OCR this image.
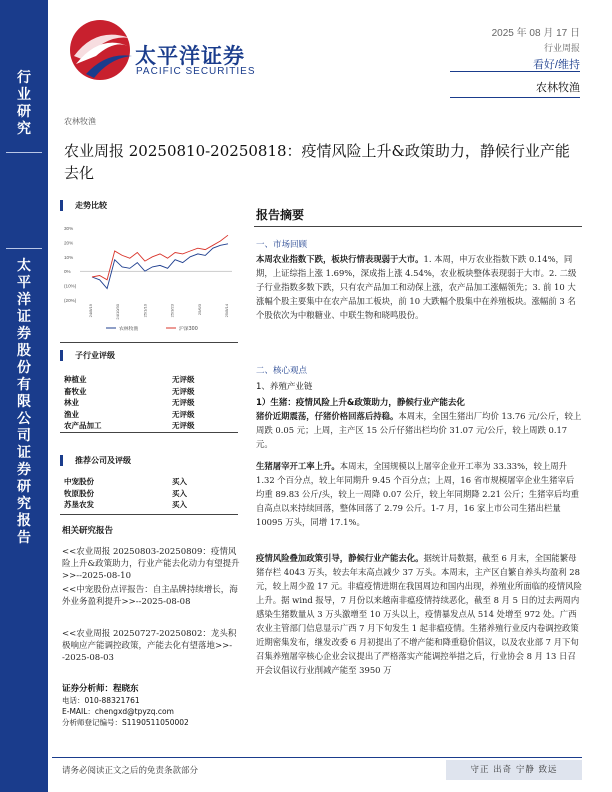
行
业
研
究
太
平
洋
证
券
股
份
有
限
公
司
证
券
研
究
报
告
太平洋证券
PACIFIC SECURITIES
2025 年 08 月 17 日
行业周报
看好/维持
农林牧渔
农林牧渔
农业周报 20250810-20250818：疫情风险上升&政策助力，静候行业产能去化
走势比较
30%
20%
10%
0%
(10%)
(20%)
24/8/19	24/10/30	25/1/10	25/3/23	25/6/3	25/8/14
农林牧渔	沪深300
子行业评级
种植业	无评级
畜牧业	无评级
林业	无评级
渔业	无评级
农产品加工	无评级
推荐公司及评级
中宠股份	买入
牧原股份	买入
苏垦农发	买入
相关研究报告
<<农业周报 20250803-20250809：疫情风险上升&政策助力，行业产能去化动力有望提升>>--2025-08-10
<<中宠股份点评报告：自主品牌持续增长，海外业务盈利提升>>--2025-08-08
<<农业周报 20250727-20250802：龙头积极响应产能调控政策，产能去化有望落地>>--2025-08-03
证券分析师：程晓东
电话：010-88321761
E-MAIL：chengxd@tpyzq.com
分析师登记编号：S1190511050002
报告摘要
一、市场回顾
本周农业指数下跌，板块行情表现弱于大市。1. 本周，申万农业指数下跌 0.14%，同期，上证综指上涨 1.69%，深成指上涨 4.54%，农业板块整体表现弱于大市。2. 二级子行业指数多数下跌，只有农产品加工和动保上涨，农产品加工涨幅领先；3. 前 10 大涨幅个股主要集中在农产品加工板块，前 10 大跌幅个股集中在养殖板块。涨幅前 3 名个股依次为中粮糖业、中联生物和晓鸣股份。
二、核心观点
1、养殖产业链
1）生猪：疫情风险上升&政策助力，静候行业产能去化
猪价近期震荡，仔猪价格回落后持稳。本周末，全国生猪出厂均价 13.76 元/公斤，较上周跌 0.05 元；上周，主产区 15 公斤仔猪出栏均价 31.07 元/公斤，较上周跌 0.17 元。
生猪屠宰开工率上升。本周末，全国规模以上屠宰企业开工率为 33.33%，较上周升 1.32 个百分点，较上年同期升 9.45 个百分点；上周，16 省市规模屠宰企业生猪宰后均重 89.83 公斤/头，较上一周降 0.07 公斤，较上年同期降 2.21 公斤；生猪宰后均重自高点以来持续回落，整体回落了 2.79 公斤。1-7 月，16 家上市公司生猪出栏量 10095 万头，同增 17.1%。
疫情风险叠加政策引导，静候行业产能去化。据统计局数据，截至 6 月末，全国能繁母猪存栏 4043 万头，较去年末高点减少 37 万头。本周末，主产区自繁自养头均盈利 28 元，较上周少盈 17 元。非瘟疫情进期在我国周边和国内出现，养殖业所面临的疫情风险上升。据 wind 报导，7 月份以来越南非瘟疫情持续恶化，截至 8 月 5 日的过去两周内感染生猪数量从 3 万头激增至 10 万头以上，疫情暴发点从 514 处增至 972 处。广西农业主管部门信息显示广西 7 月下旬发生 1 起非瘟疫情。生猪养殖行业反内卷调控政策近期密集发布，继发改委 6 月初提出了不增产能和降重稳价倡议，以及农业部 7 月下旬召集养殖屠宰核心企业会议提出了严格落实产能调控举措之后，行业协会 8 月 13 日召开会议倡议行业削减产能至 3950 万
请务必阅读正文之后的免责条款部分	守正 出奇 宁静 致远
